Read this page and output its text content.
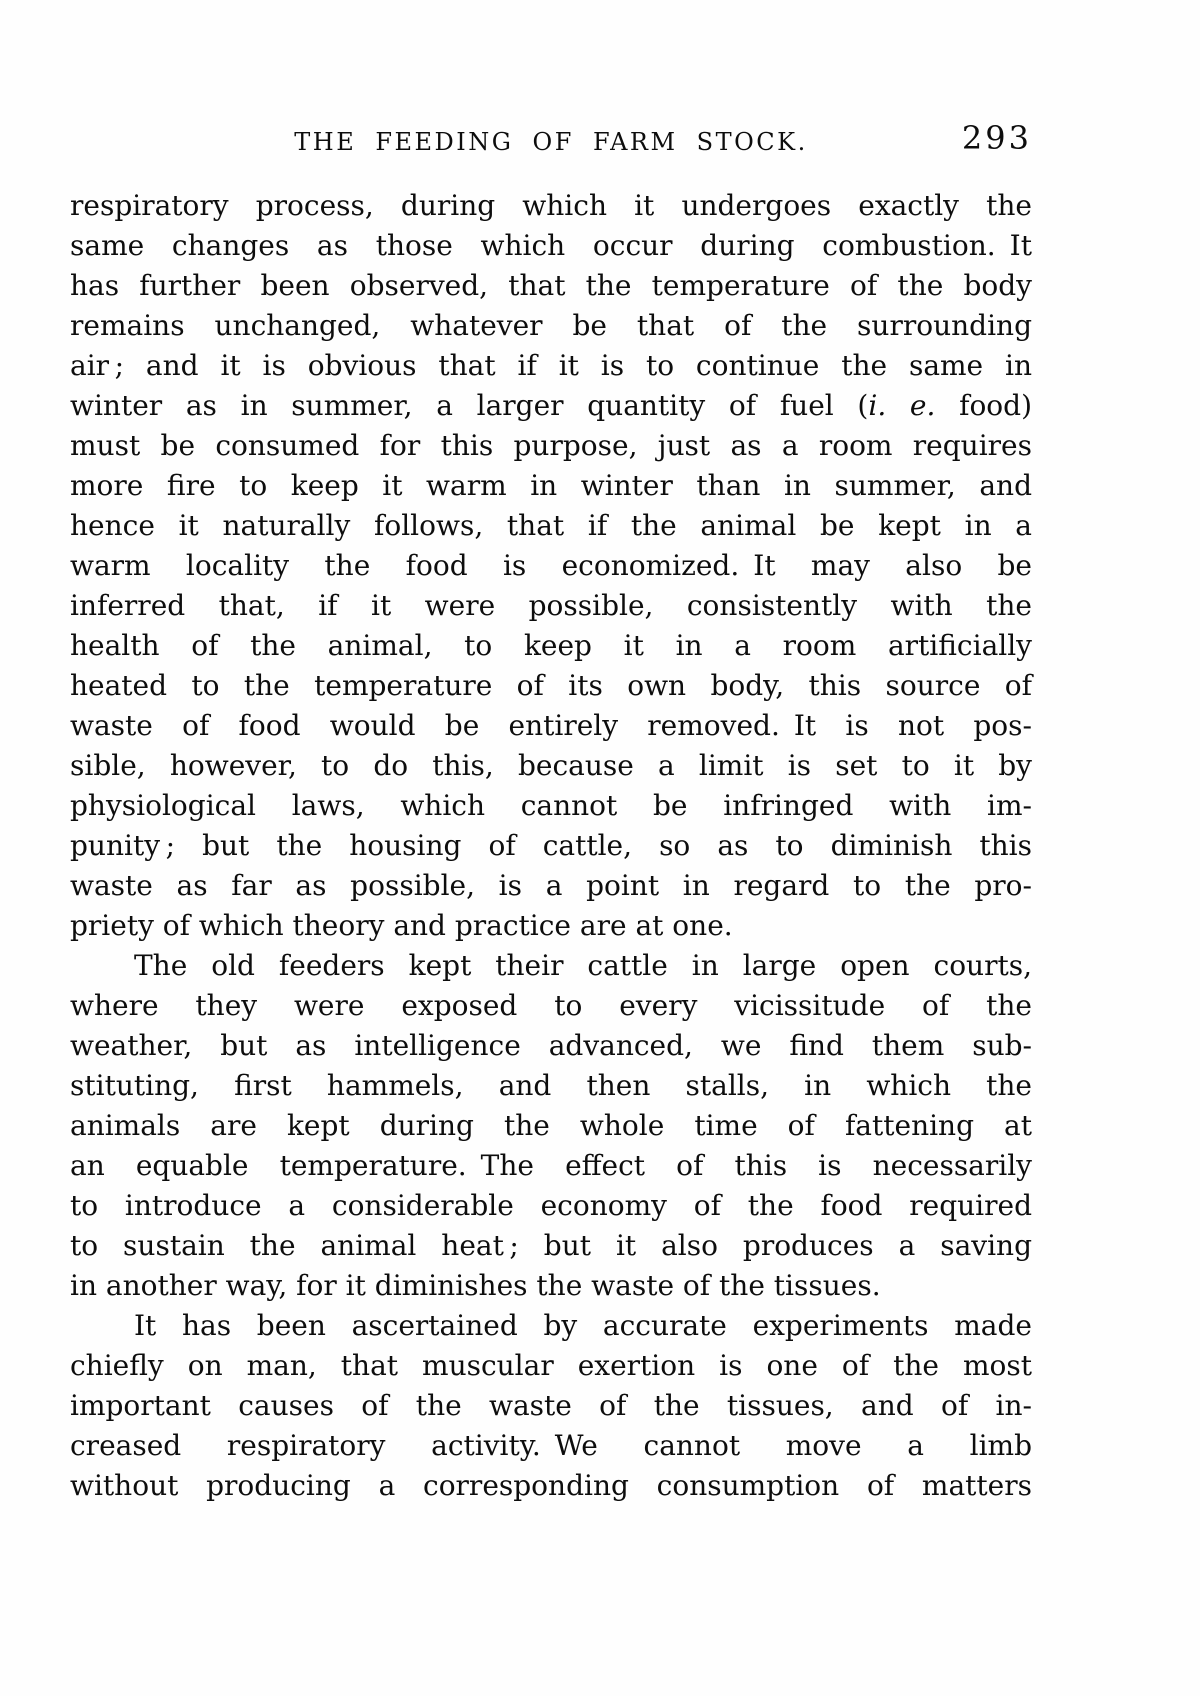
THE FEEDING OF FARM STOCK.	293
respiratory process, during which it undergoes exactly the
same changes as those which occur during combustion. It
has further been observed, that the temperature of the body
remains unchanged, whatever be that of the surrounding
air ; and it is obvious that if it is to continue the same in
winter as in summer, a larger quantity of fuel (i. e. food)
must be consumed for this purpose, just as a room requires
more fire to keep it warm in winter than in summer, and
hence it naturally follows, that if the animal be kept in a
warm locality the food is economized. It may also be
inferred that, if it were possible, consistently with the
health of the animal, to keep it in a room artificially
heated to the temperature of its own body, this source of
waste of food would be entirely removed. It is not pos-
sible, however, to do this, because a limit is set to it by
physiological laws, which cannot be infringed with im-
punity ; but the housing of cattle, so as to diminish this
waste as far as possible, is a point in regard to the pro-
priety of which theory and practice are at one.
The old feeders kept their cattle in large open courts,
where they were exposed to every vicissitude of the
weather, but as intelligence advanced, we find them sub-
stituting, first hammels, and then stalls, in which the
animals are kept during the whole time of fattening at
an equable temperature. The effect of this is necessarily
to introduce a considerable economy of the food required
to sustain the animal heat ; but it also produces a saving
in another way, for it diminishes the waste of the tissues.
It has been ascertained by accurate experiments made
chiefly on man, that muscular exertion is one of the most
important causes of the waste of the tissues, and of in-
creased respiratory activity. We cannot move a limb
without producing a corresponding consumption of matters
